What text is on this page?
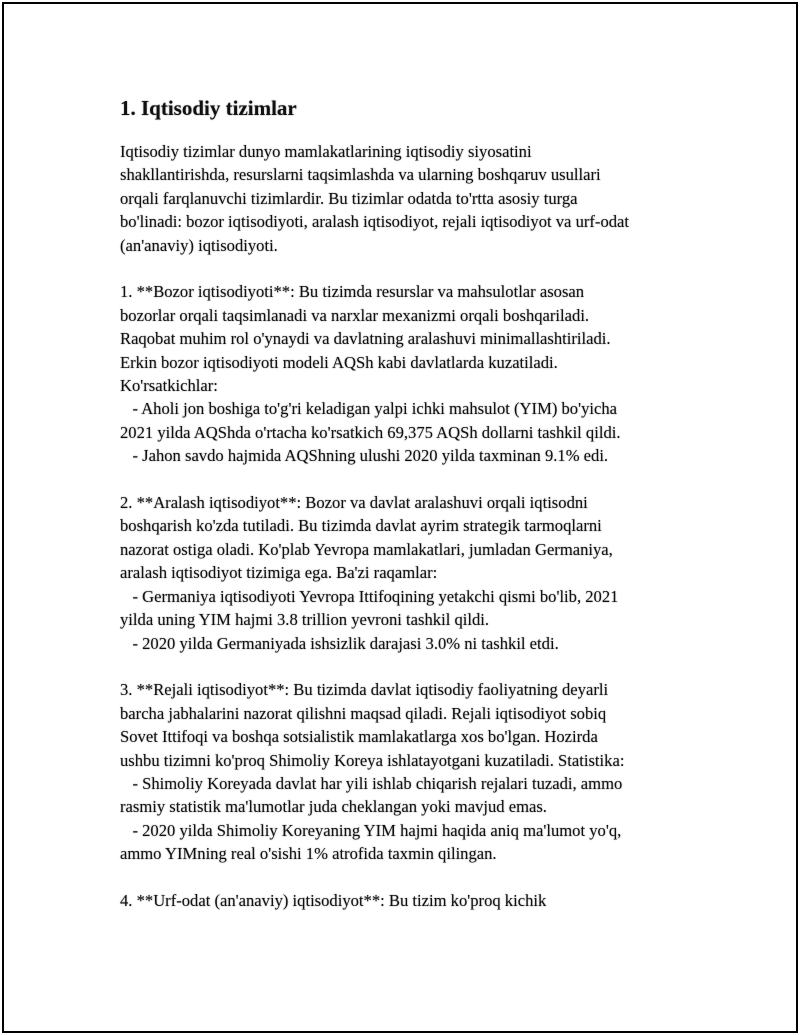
1. Iqtisodiy tizimlar

Iqtisodiy tizimlar dunyo mamlakatlarining iqtisodiy siyosatini
shakllantirishda, resurslarni taqsimlashda va ularning boshqaruv usullari
orqali farqlanuvchi tizimlardir. Bu tizimlar odatda to'rtta asosiy turga
bo'linadi: bozor iqtisodiyoti, aralash iqtisodiyot, rejali iqtisodiyot va urf-odat
(an'anaviy) iqtisodiyoti.

1. **Bozor iqtisodiyoti**: Bu tizimda resurslar va mahsulotlar asosan
bozorlar orqali taqsimlanadi va narxlar mexanizmi orqali boshqariladi.
Raqobat muhim rol o'ynaydi va davlatning aralashuvi minimallashtiriladi.
Erkin bozor iqtisodiyoti modeli AQSh kabi davlatlarda kuzatiladi.
Ko'rsatkichlar:
- Aholi jon boshiga to'g'ri keladigan yalpi ichki mahsulot (YIM) bo'yicha
2021 yilda AQShda o'rtacha ko'rsatkich 69,375 AQSh dollarni tashkil qildi.
- Jahon savdo hajmida AQShning ulushi 2020 yilda taxminan 9.1% edi.

2. **Aralash iqtisodiyot**: Bozor va davlat aralashuvi orqali iqtisodni
boshqarish ko'zda tutiladi. Bu tizimda davlat ayrim strategik tarmoqlarni
nazorat ostiga oladi. Ko'plab Yevropa mamlakatlari, jumladan Germaniya,
aralash iqtisodiyot tizimiga ega. Ba'zi raqamlar:
- Germaniya iqtisodiyoti Yevropa Ittifoqining yetakchi qismi bo'lib, 2021
yilda uning YIM hajmi 3.8 trillion yevroni tashkil qildi.
- 2020 yilda Germaniyada ishsizlik darajasi 3.0% ni tashkil etdi.

3. **Rejali iqtisodiyot**: Bu tizimda davlat iqtisodiy faoliyatning deyarli
barcha jabhalarini nazorat qilishni maqsad qiladi. Rejali iqtisodiyot sobiq
Sovet Ittifoqi va boshqa sotsialistik mamlakatlarga xos bo'lgan. Hozirda
ushbu tizimni ko'proq Shimoliy Koreya ishlatayotgani kuzatiladi. Statistika:
- Shimoliy Koreyada davlat har yili ishlab chiqarish rejalari tuzadi, ammo
rasmiy statistik ma'lumotlar juda cheklangan yoki mavjud emas.
- 2020 yilda Shimoliy Koreyaning YIM hajmi haqida aniq ma'lumot yo'q,
ammo YIMning real o'sishi 1% atrofida taxmin qilingan.

4. **Urf-odat (an'anaviy) iqtisodiyot**: Bu tizim ko'proq kichik
